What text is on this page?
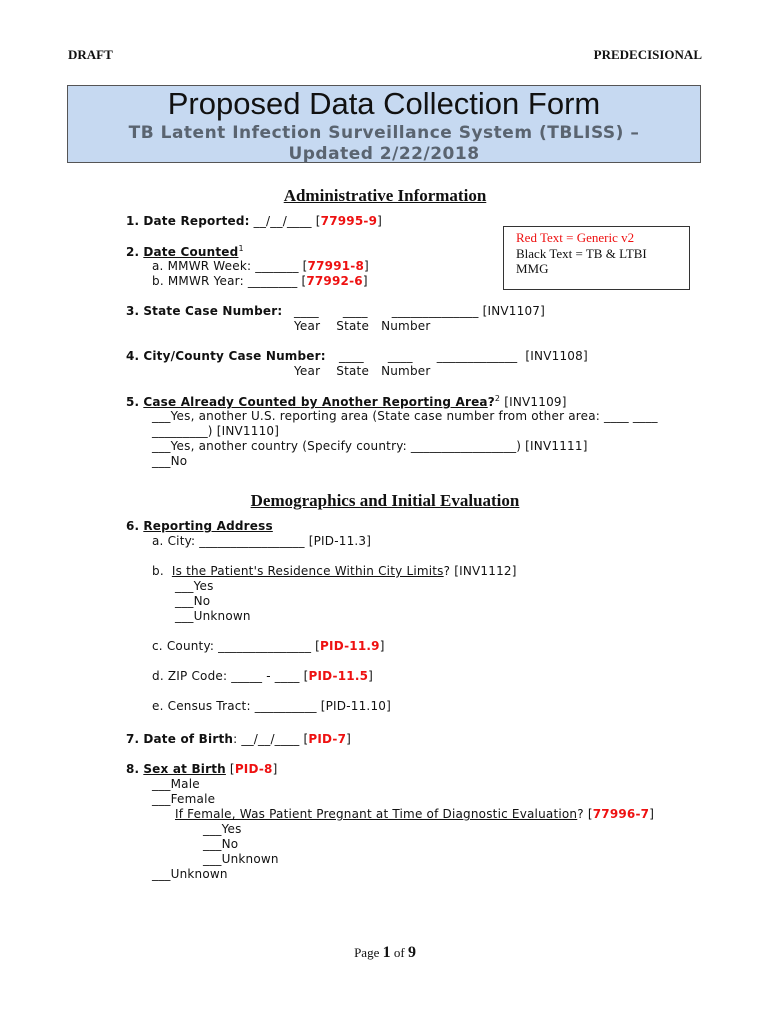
DRAFT	PREDECISIONAL
Proposed Data Collection Form
TB Latent Infection Surveillance System (TBLISS) –
Updated 2/22/2018
Administrative Information
1. Date Reported: __/__/____ [77995-9]
Red Text = Generic v2
Black Text = TB & LTBI
MMG
2. Date Counted$^1$
a. MMWR Week: _______ [77991-8]
b. MMWR Year: ________ [77992-6]
3. State Case Number: ____      ____      ______________ [INV1107]
Year    State   Number
4. City/County Case Number: ____      ____      _____________  [INV1108]
Year    State   Number
5. Case Already Counted by Another Reporting Area?$^2$ [INV1109]
___Yes, another U.S. reporting area (State case number from other area: ____ ____
_________) [INV1110]
___Yes, another country (Specify country: _________________) [INV1111]
___No
Demographics and Initial Evaluation
6. Reporting Address
a. City: _________________ [PID-11.3]
b.  Is the Patient's Residence Within City Limits? [INV1112]
___Yes
___No
___Unknown
c. County: _______________ [PID-11.9]
d. ZIP Code: _____ - ____ [PID-11.5]
e. Census Tract: __________ [PID-11.10]
7. Date of Birth: __/__/____ [PID-7]
8. Sex at Birth [PID-8]
___Male
___Female
If Female, Was Patient Pregnant at Time of Diagnostic Evaluation? [77996-7]
___Yes
___No
___Unknown
___Unknown
Page 1 of 9
